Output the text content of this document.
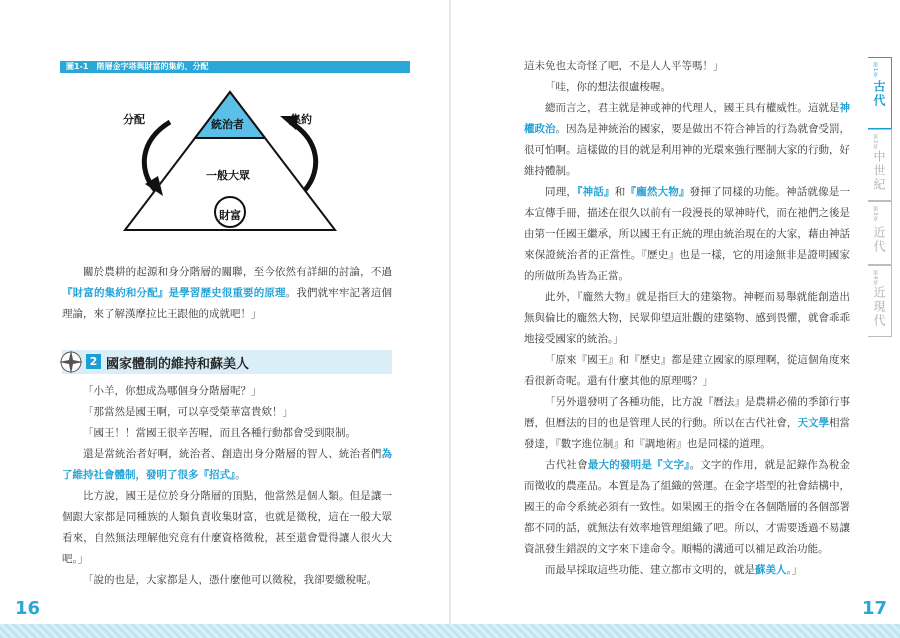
圖1-1　階層金字塔與財富的集約、分配
統治者
一般大眾
財富
分配	集約
關於農耕的起源和身分階層的關聯，至今依然有詳細的討論，不過『財富的集約和分配』是學習歷史很重要的原理。我們就牢牢記著這個理論，來了解漢摩拉比王跟他的成就吧！」
2 國家體制的維持和蘇美人
「小羊，你想成為哪個身分階層呢？」
「那當然是國王啊，可以享受榮華富貴欸！」
「國王！！當國王很辛苦喔，而且各種行動都會受到限制。
還是當統治者好啊，統治者、創造出身分階層的智人、統治者們為了維持社會體制，發明了很多『招式』。
比方說，國王是位於身分階層的頂點，他當然是個人類。但是讓一個跟大家都是同種族的人類負責收集財富，也就是徵稅，這在一般大眾看來，自然無法理解他究竟有什麼資格徵稅，甚至還會覺得讓人很火大吧。」
「說的也是，大家都是人，憑什麼他可以徵稅，我卻要繳稅呢。
16
這未免也太奇怪了吧，不是人人平等嗎！」
「哇，你的想法很盧梭喔。
總而言之，君主就是神或神的代理人，國王具有權威性。這就是神權政治。因為是神統治的國家，要是做出不符合神旨的行為就會受罰，很可怕啊。這樣做的目的就是利用神的光環來強行壓制大家的行動，好維持體制。
同理，『神話』和『龐然大物』發揮了同樣的功能。神話就像是一本宣傳手冊，描述在很久以前有一段漫長的眾神時代，而在祂們之後是由第一任國王繼承，所以國王有正統的理由統治現在的大家，藉由神話來保證統治者的正當性。『歷史』也是一樣，它的用途無非是證明國家的所做所為皆為正當。
此外，『龐然大物』就是指巨大的建築物。神輕而易舉就能創造出無與倫比的龐然大物，民眾仰望這壯觀的建築物、感到畏懼，就會乖乖地接受國家的統治。」
「原來『國王』和『歷史』都是建立國家的原理啊，從這個角度來看很新奇呢。還有什麼其他的原理嗎？」
「另外還發明了各種功能，比方說『曆法』是農耕必備的季節行事曆，但曆法的目的也是管理人民的行動。所以在古代社會，天文學相當發達，『數字進位制』和『調地術』也是同樣的道理。
古代社會最大的發明是『文字』。文字的作用，就是記錄作為稅金而徵收的農產品。本質是為了組織的營運。在金字塔型的社會結構中，國王的命令系統必須有一致性。如果國王的指令在各個階層的各個部署都不同的話，就無法有效率地管理組織了吧。所以，才需要透過不易讓資訊發生錯誤的文字來下達命令。順暢的溝通可以補足政治功能。
而最早採取這些功能、建立都市文明的，就是蘇美人。」
17
第1章
古代
第2章
中世紀
第3章
近代
第4章
近現代
